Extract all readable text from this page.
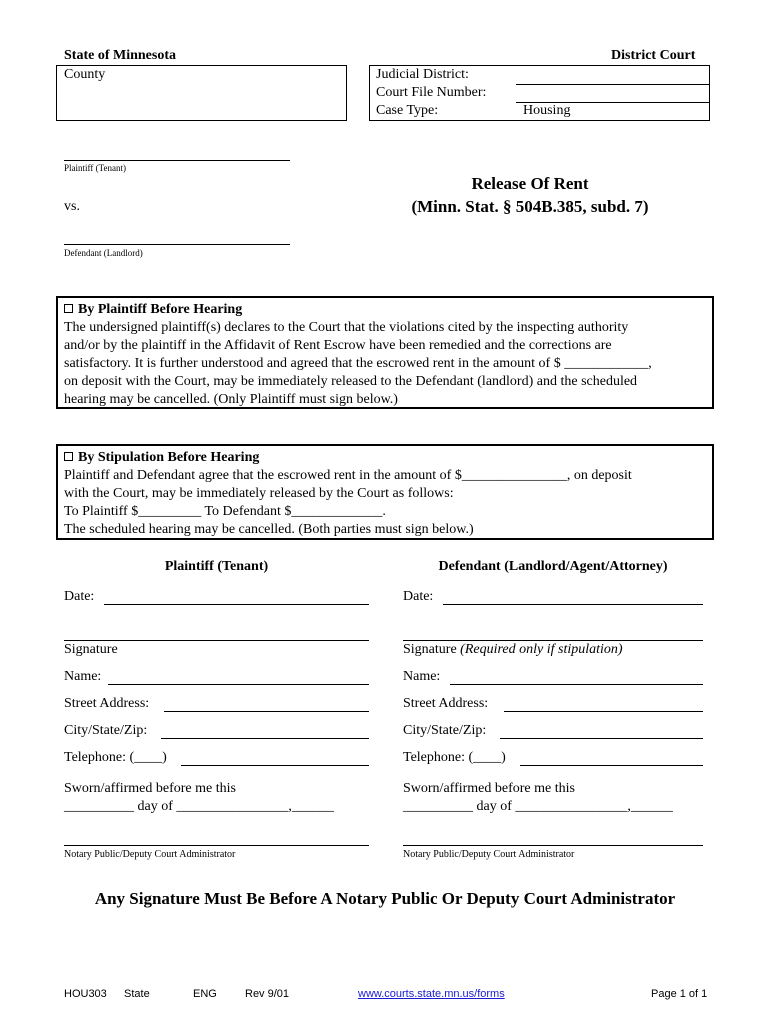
State of Minnesota	District Court
County	Judicial District:
Court File Number:
Case Type:	Housing
Plaintiff (Tenant)
vs.
Defendant (Landlord)
Release Of Rent
(Minn. Stat. § 504B.385, subd. 7)
By Plaintiff Before Hearing
The undersigned plaintiff(s) declares to the Court that the violations cited by the inspecting authority
and/or by the plaintiff in the Affidavit of Rent Escrow have been remedied and the corrections are
satisfactory. It is further understood and agreed that the escrowed rent in the amount of $ ____________,
on deposit with the Court, may be immediately released to the Defendant (landlord) and the scheduled
hearing may be cancelled. (Only Plaintiff must sign below.)
By Stipulation Before Hearing
Plaintiff and Defendant agree that the escrowed rent in the amount of $_______________, on deposit
with the Court, may be immediately released by the Court as follows:
To Plaintiff $_________ To Defendant $_____________.
The scheduled hearing may be cancelled. (Both parties must sign below.)
Plaintiff (Tenant)
Date:
Signature
Name:
Street Address:
City/State/Zip:
Telephone: (____)
Sworn/affirmed before me this
__________ day of ________________,______
Notary Public/Deputy Court Administrator
Defendant (Landlord/Agent/Attorney)
Date:
Signature (Required only if stipulation)
Name:
Street Address:
City/State/Zip:
Telephone: (____)
Sworn/affirmed before me this
__________ day of ________________,______
Notary Public/Deputy Court Administrator
Any Signature Must Be Before A Notary Public Or Deputy Court Administrator
HOU303 State	ENG	Rev 9/01	www.courts.state.mn.us/forms	Page 1 of 1
